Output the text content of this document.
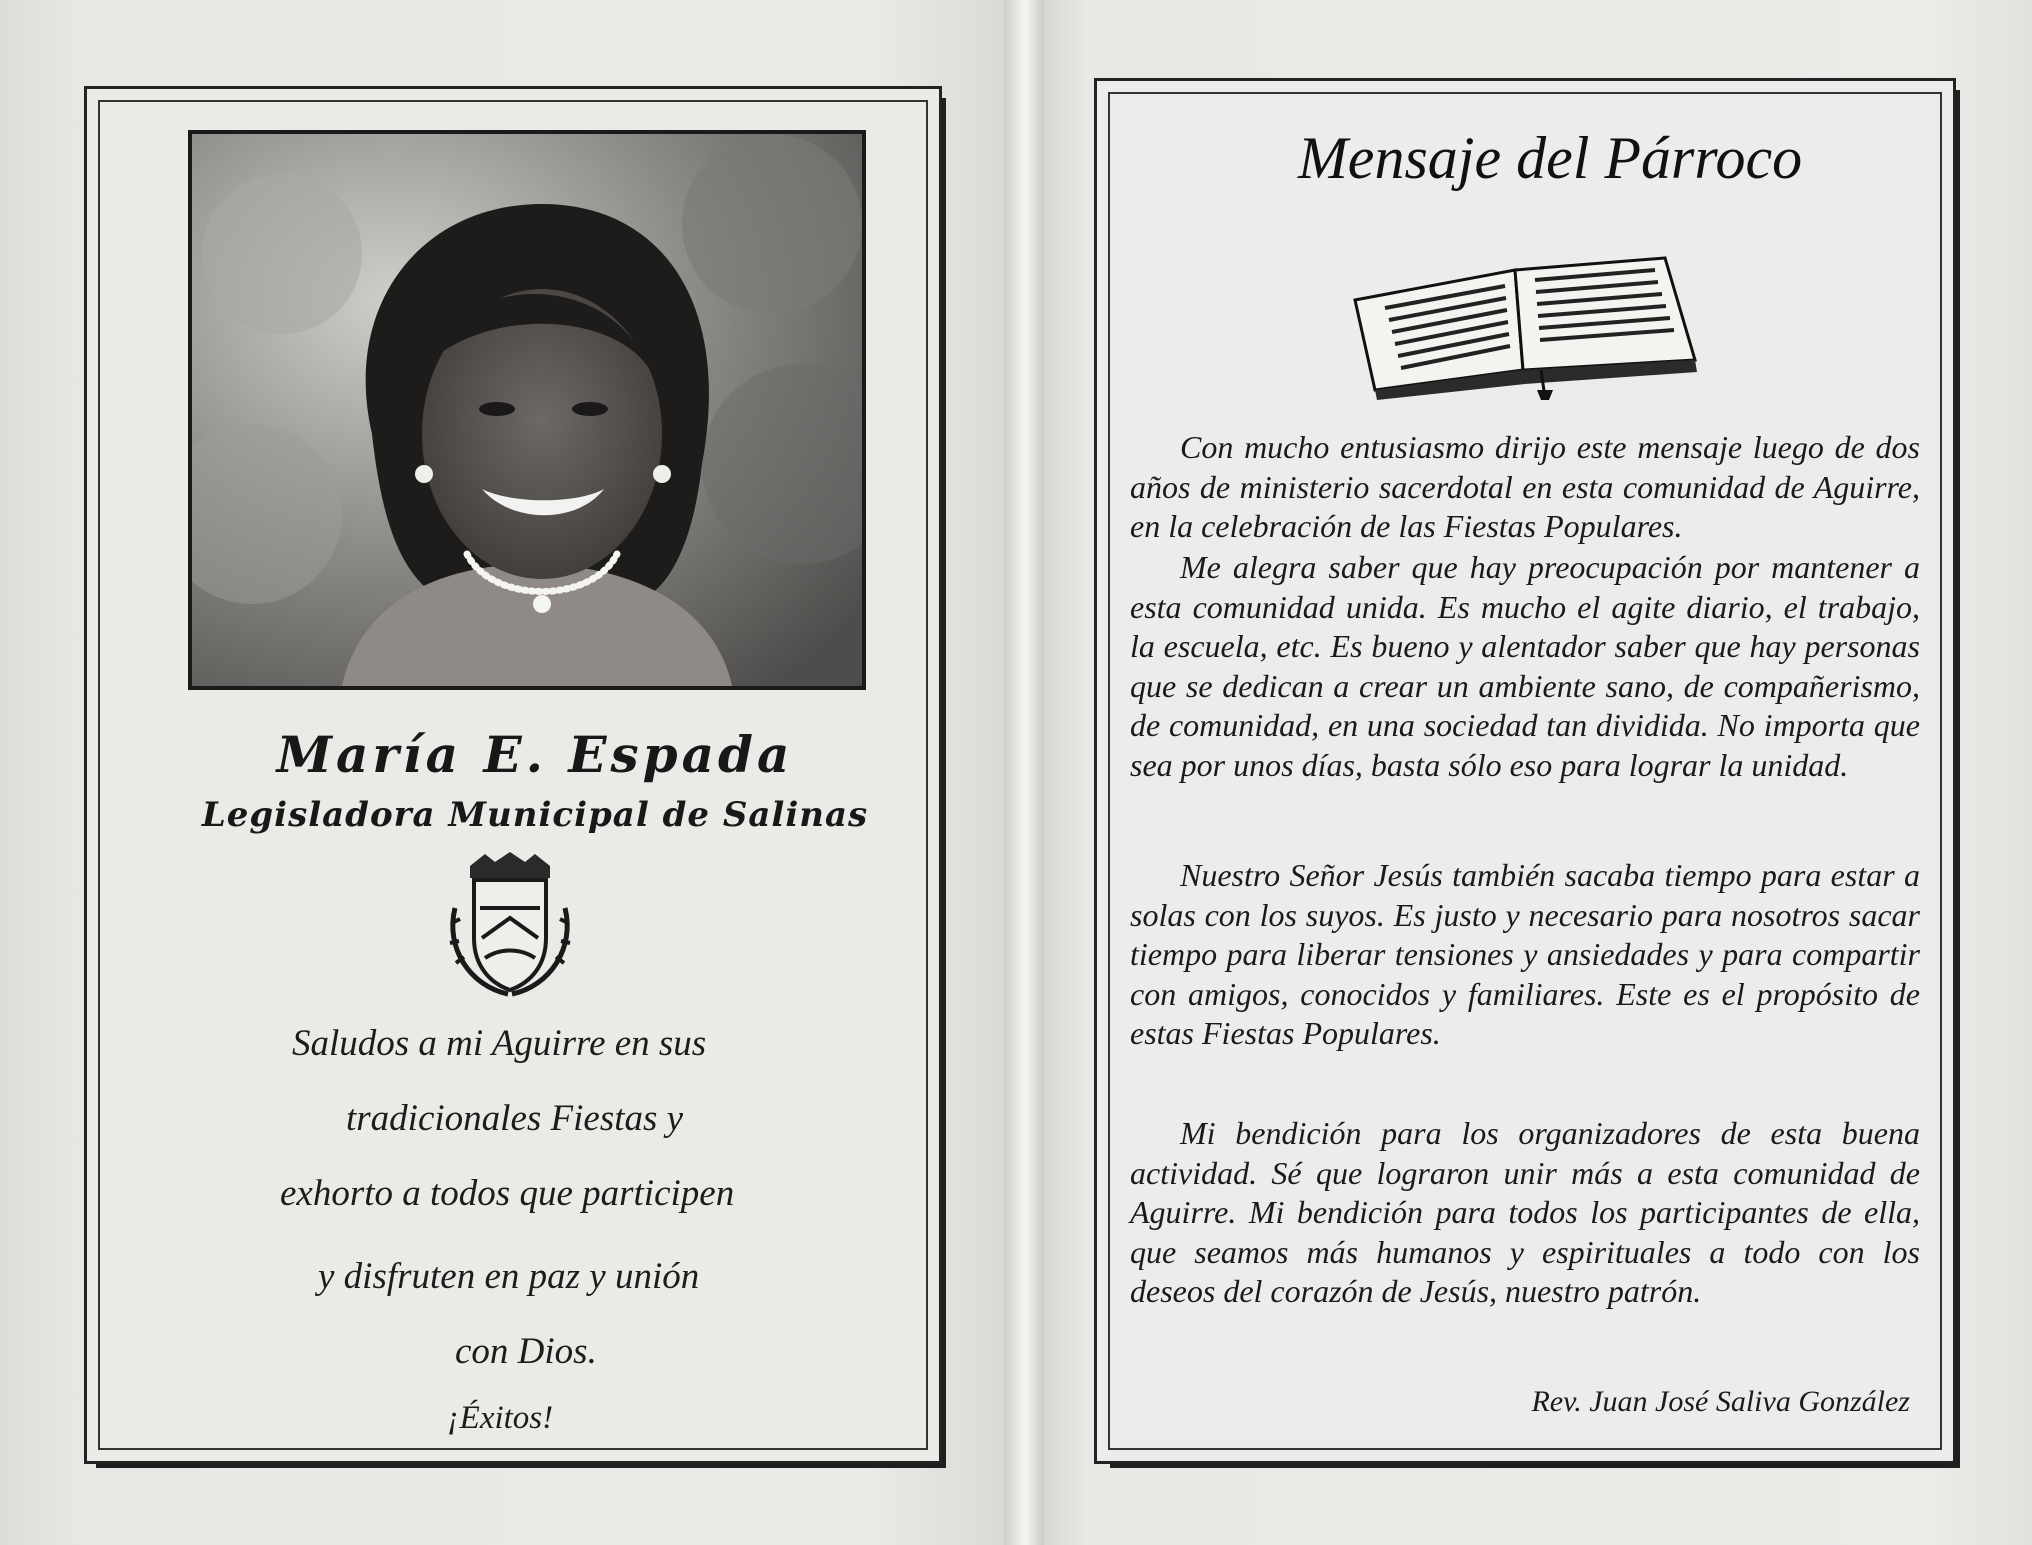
María E. Espada
Legisladora Municipal de Salinas
Saludos a mi Aguirre en sus
tradicionales Fiestas y
exhorto a todos que participen
y disfruten en paz y unión
con Dios.
¡Éxitos!
Mensaje del Párroco

Con mucho entusiasmo dirijo este mensaje luego de dos años de ministerio sacerdotal en esta comunidad de Aguirre, en la celebración de las Fiestas Populares.

Me alegra saber que hay preocupación por mantener a esta comunidad unida. Es mucho el agite diario, el trabajo, la escuela, etc. Es bueno y alentador saber que hay personas que se dedican a crear un ambiente sano, de compañerismo, de comunidad, en una sociedad tan dividida. No importa que sea por unos días, basta sólo eso para lograr la unidad.

Nuestro Señor Jesús también sacaba tiempo para estar a solas con los suyos. Es justo y necesario para nosotros sacar tiempo para liberar tensiones y ansiedades y para compartir con amigos, conocidos y familiares. Este es el propósito de estas Fiestas Populares.

Mi bendición para los organizadores de esta buena actividad. Sé que lograron unir más a esta comunidad de Aguirre. Mi bendición para todos los participantes de ella, que seamos más humanos y espirituales a todo con los deseos del corazón de Jesús, nuestro patrón.

Rev. Juan José Saliva González
